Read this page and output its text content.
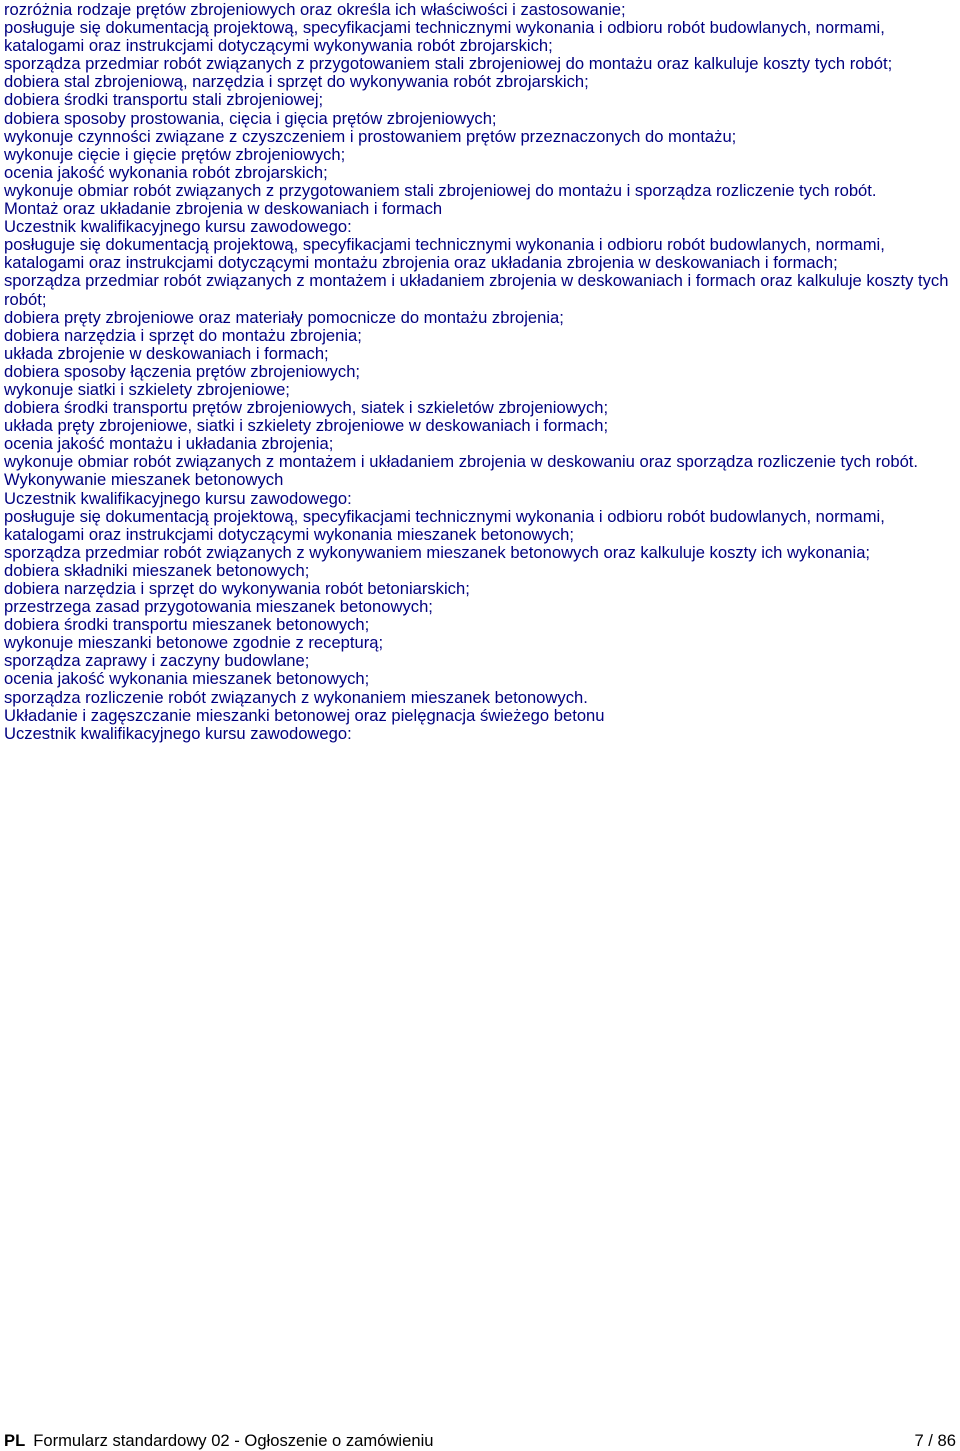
rozróżnia rodzaje prętów zbrojeniowych oraz określa ich właściwości i zastosowanie;

posługuje się dokumentacją projektową, specyfikacjami technicznymi wykonania i odbioru robót budowlanych, normami, katalogami oraz instrukcjami dotyczącymi wykonywania robót zbrojarskich;

sporządza przedmiar robót związanych z przygotowaniem stali zbrojeniowej do montażu oraz kalkuluje koszty tych robót;

dobiera stal zbrojeniową, narzędzia i sprzęt do wykonywania robót zbrojarskich;

dobiera środki transportu stali zbrojeniowej;

dobiera sposoby prostowania, cięcia i gięcia prętów zbrojeniowych;

wykonuje czynności związane z czyszczeniem i prostowaniem prętów przeznaczonych do montażu;

wykonuje cięcie i gięcie prętów zbrojeniowych;

ocenia jakość wykonania robót zbrojarskich;

wykonuje obmiar robót związanych z przygotowaniem stali zbrojeniowej do montażu i sporządza rozliczenie tych robót.

Montaż oraz układanie zbrojenia w deskowaniach i formach

Uczestnik kwalifikacyjnego kursu zawodowego:

posługuje się dokumentacją projektową, specyfikacjami technicznymi wykonania i odbioru robót budowlanych, normami, katalogami oraz instrukcjami dotyczącymi montażu zbrojenia oraz układania zbrojenia w deskowaniach i formach;

sporządza przedmiar robót związanych z montażem i układaniem zbrojenia w deskowaniach i formach oraz kalkuluje koszty tych robót;

dobiera pręty zbrojeniowe oraz materiały pomocnicze do montażu zbrojenia;

dobiera narzędzia i sprzęt do montażu zbrojenia;

układa zbrojenie w deskowaniach i formach;

dobiera sposoby łączenia prętów zbrojeniowych;

wykonuje siatki i szkielety zbrojeniowe;

dobiera środki transportu prętów zbrojeniowych, siatek i szkieletów zbrojeniowych;

układa pręty zbrojeniowe, siatki i szkielety zbrojeniowe w deskowaniach i formach;

ocenia jakość montażu i układania zbrojenia;

wykonuje obmiar robót związanych z montażem i układaniem zbrojenia w deskowaniu oraz sporządza rozliczenie tych robót.

Wykonywanie mieszanek betonowych

Uczestnik kwalifikacyjnego kursu zawodowego:

posługuje się dokumentacją projektową, specyfikacjami technicznymi wykonania i odbioru robót budowlanych, normami, katalogami oraz instrukcjami dotyczącymi wykonania mieszanek betonowych;

sporządza przedmiar robót związanych z wykonywaniem mieszanek betonowych oraz kalkuluje koszty ich wykonania;

dobiera składniki mieszanek betonowych;

dobiera narzędzia i sprzęt do wykonywania robót betoniarskich;

przestrzega zasad przygotowania mieszanek betonowych;

dobiera środki transportu mieszanek betonowych;

wykonuje mieszanki betonowe zgodnie z recepturą;

sporządza zaprawy i zaczyny budowlane;

ocenia jakość wykonania mieszanek betonowych;

sporządza rozliczenie robót związanych z wykonaniem mieszanek betonowych.

Układanie i zagęszczanie mieszanki betonowej oraz pielęgnacja świeżego betonu

Uczestnik kwalifikacyjnego kursu zawodowego:

PL Formularz standardowy 02 - Ogłoszenie o zamówieniu	7 / 86
